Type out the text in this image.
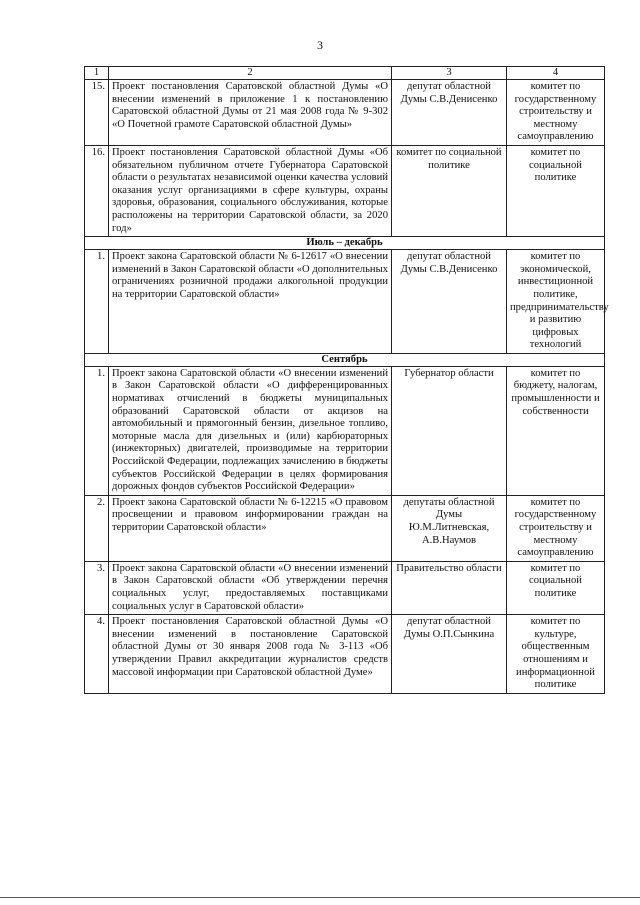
3
1	2	3	4
15.	Проект постановления Саратовской областной Думы «О внесении изменений в приложение 1 к постановлению Саратовской областной Думы от 21 мая 2008 года № 9-302 «О Почетной грамоте Саратовской областной Думы»	депутат областной Думы С.В.Денисенко	комитет по государственному строительству и местному самоуправлению
16.	Проект постановления Саратовской областной Думы «Об обязательном публичном отчете Губернатора Саратовской области о результатах независимой оценки качества условий оказания услуг организациями в сфере культуры, охраны здоровья, образования, социального обслуживания, которые расположены на территории Саратовской области, за 2020 год»	комитет по социальной политике	комитет по социальной политике
Июль – декабрь			
1.	Проект закона Саратовской области № 6-12617 «О внесении изменений в Закон Саратовской области «О дополнительных ограничениях розничной продажи алкогольной продукции на территории Саратовской области»	депутат областной Думы С.В.Денисенко	комитет по экономической, инвестиционной политике, предпринимательству и развитию цифровых технологий
Сентябрь			
1.	Проект закона Саратовской области «О внесении изменений в Закон Саратовской области «О дифференцированных нормативах отчислений в бюджеты муниципальных образований Саратовской области от акцизов на автомобильный и прямогонный бензин, дизельное топливо, моторные масла для дизельных и (или) карбюраторных (инжекторных) двигателей, производимые на территории Российской Федерации, подлежащих зачислению в бюджеты субъектов Российской Федерации в целях формирования дорожных фондов субъектов Российской Федерации»	Губернатор области	комитет по бюджету, налогам, промышленности и собственности
2.	Проект закона Саратовской области № 6-12215 «О правовом просвещении и правовом информировании граждан на территории Саратовской области»	депутаты областной Думы Ю.М.Литневская, А.В.Наумов	комитет по государственному строительству и местному самоуправлению
3.	Проект закона Саратовской области «О внесении изменений в Закон Саратовской области «Об утверждении перечня социальных услуг, предоставляемых поставщиками социальных услуг в Саратовской области»	Правительство области	комитет по социальной политике
4.	Проект постановления Саратовской областной Думы «О внесении изменений в постановление Саратовской областной Думы от 30 января 2008 года № 3-113 «Об утверждении Правил аккредитации журналистов средств массовой информации при Саратовской областной Думе»	депутат областной Думы О.П.Сынкина	комитет по культуре, общественным отношениям и информационной политике
